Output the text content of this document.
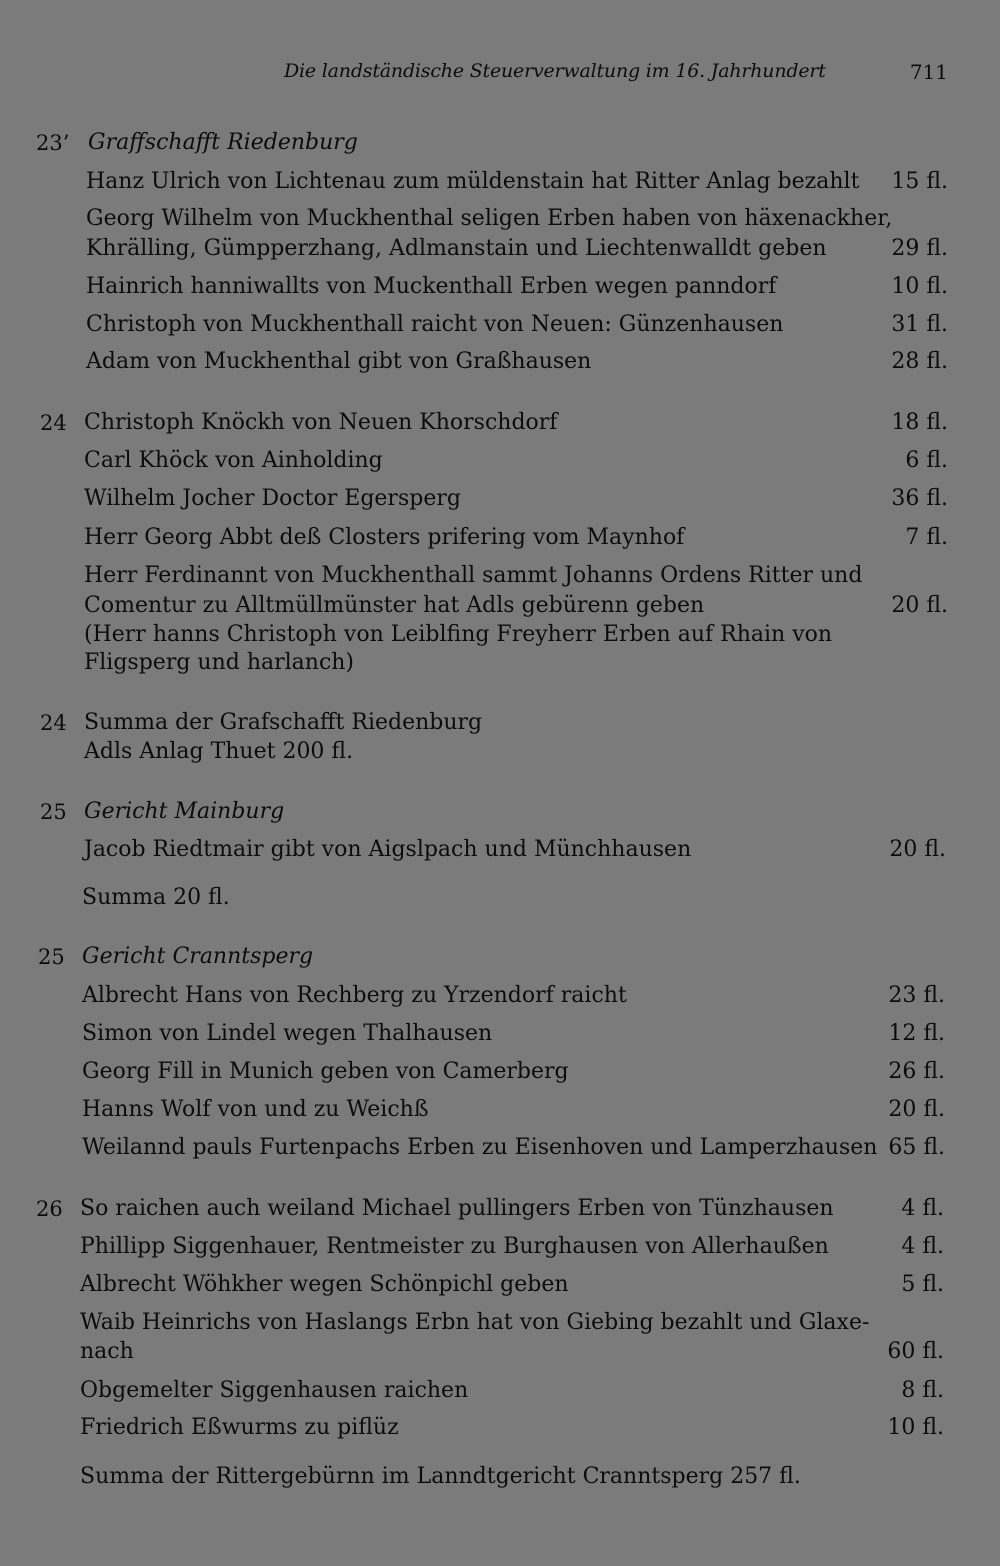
Die landständische Steuerverwaltung im 16. Jahrhundert	711
23’ Graffschafft Riedenburg
Hanz Ulrich von Lichtenau zum müldenstain hat Ritter Anlag bezahlt	15 fl.
Georg Wilhelm von Muckhenthal seligen Erben haben von häxenackher,
Khrälling, Gümpperzhang, Adlmanstain und Liechtenwalldt geben	29 fl.
Hainrich hanniwallts von Muckenthall Erben wegen panndorf	10 fl.
Christoph von Muckhenthall raicht von Neuen: Günzenhausen	31 fl.
Adam von Muckhenthal gibt von Graßhausen	28 fl.
24 Christoph Knöckh von Neuen Khorschdorf	18 fl.
Carl Khöck von Ainholding	6 fl.
Wilhelm Jocher Doctor Egersperg	36 fl.
Herr Georg Abbt deß Closters prifering vom Maynhof	7 fl.
Herr Ferdinannt von Muckhenthall sammt Johanns Ordens Ritter und
Comentur zu Alltmüllmünster hat Adls gebürenn geben	20 fl.
(Herr hanns Christoph von Leiblfing Freyherr Erben auf Rhain von
Fligsperg und harlanch)
24 Summa der Grafschafft Riedenburg
Adls Anlag Thuet 200 fl.
25 Gericht Mainburg
Jacob Riedtmair gibt von Aigslpach und Münchhausen	20 fl.
Summa 20 fl.
25 Gericht Cranntsperg
Albrecht Hans von Rechberg zu Yrzendorf raicht	23 fl.
Simon von Lindel wegen Thalhausen	12 fl.
Georg Fill in Munich geben von Camerberg	26 fl.
Hanns Wolf von und zu Weichß	20 fl.
Weilannd pauls Furtenpachs Erben zu Eisenhoven und Lamperzhausen 65 fl.
26 So raichen auch weiland Michael pullingers Erben von Tünzhausen	4 fl.
Phillipp Siggenhauer, Rentmeister zu Burghausen von Allerhaußen	4 fl.
Albrecht Wöhkher wegen Schönpichl geben	5 fl.
Waib Heinrichs von Haslangs Erbn hat von Giebing bezahlt und Glaxe-
nach	60 fl.
Obgemelter Siggenhausen raichen	8 fl.
Friedrich Eßwurms zu piflüz	10 fl.
Summa der Rittergebürnn im Lanndtgericht Cranntsperg 257 fl.
